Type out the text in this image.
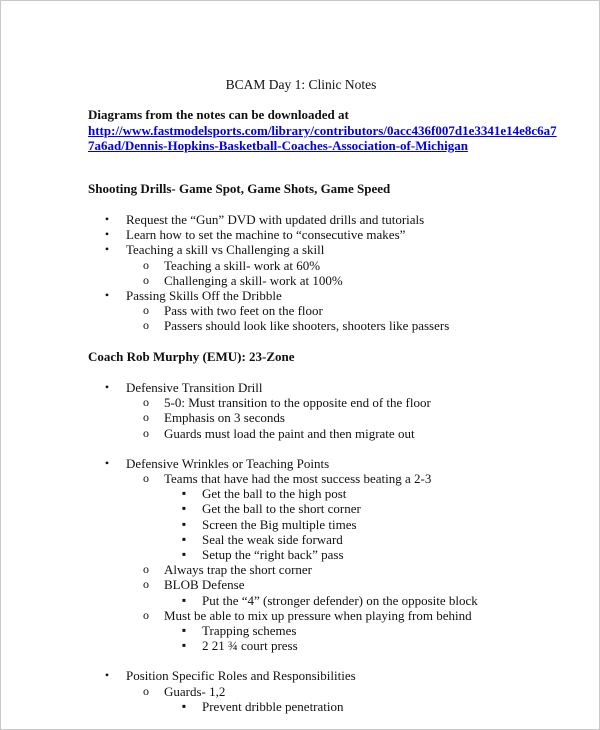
BCAM Day 1: Clinic Notes
Diagrams from the notes can be downloaded at
http://www.fastmodelsports.com/library/contributors/0acc436f007d1e3341e14e8c6a77a6ad/Dennis-Hopkins-Basketball-Coaches-Association-of-Michigan
Shooting Drills- Game Spot, Game Shots, Game Speed
•	Request the “Gun” DVD with updated drills and tutorials
•	Learn how to set the machine to “consecutive makes”
•	Teaching a skill vs Challenging a skill
o	Teaching a skill- work at 60%
o	Challenging a skill- work at 100%
•	Passing Skills Off the Dribble
o	Pass with two feet on the floor
o	Passers should look like shooters, shooters like passers
Coach Rob Murphy (EMU): 23-Zone
•	Defensive Transition Drill
o	5-0: Must transition to the opposite end of the floor
o	Emphasis on 3 seconds
o	Guards must load the paint and then migrate out
•	Defensive Wrinkles or Teaching Points
o	Teams that have had the most success beating a 2-3
▪	Get the ball to the high post
▪	Get the ball to the short corner
▪	Screen the Big multiple times
▪	Seal the weak side forward
▪	Setup the “right back” pass
o	Always trap the short corner
o	BLOB Defense
▪	Put the “4” (stronger defender) on the opposite block
o	Must be able to mix up pressure when playing from behind
▪	Trapping schemes
▪	2 21 ¾ court press
•	Position Specific Roles and Responsibilities
o	Guards- 1,2
▪	Prevent dribble penetration
